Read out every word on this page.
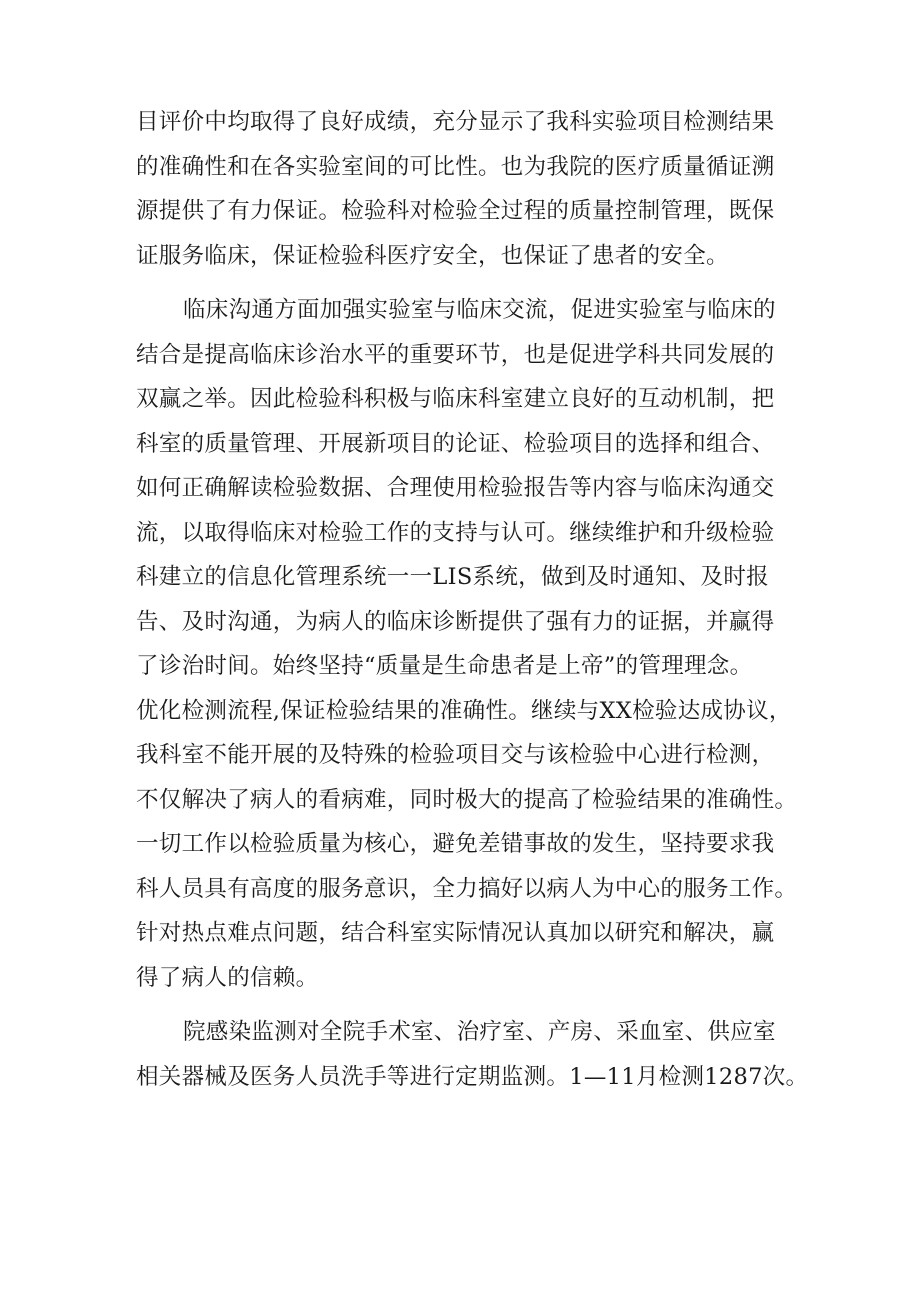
目评价中均取得了良好成绩，充分显示了我科实验项目检测结果
的准确性和在各实验室间的可比性。也为我院的医疗质量循证溯
源提供了有力保证。检验科对检验全过程的质量控制管理，既保
证服务临床，保证检验科医疗安全，也保证了患者的安全。
临床沟通方面加强实验室与临床交流，促进实验室与临床的
结合是提高临床诊治水平的重要环节，也是促进学科共同发展的
双赢之举。因此检验科积极与临床科室建立良好的互动机制，把
科室的质量管理、开展新项目的论证、检验项目的选择和组合、
如何正确解读检验数据、合理使用检验报告等内容与临床沟通交
流，以取得临床对检验工作的支持与认可。继续维护和升级检验
科建立的信息化管理系统一一LIS系统，做到及时通知、及时报
告、及时沟通，为病人的临床诊断提供了强有力的证据，并赢得
了诊治时间。始终坚持“质量是生命患者是上帝”的管理理念。
优化检测流程,保证检验结果的准确性。继续与XX检验达成协议，
我科室不能开展的及特殊的检验项目交与该检验中心进行检测，
不仅解决了病人的看病难，同时极大的提高了检验结果的准确性。
一切工作以检验质量为核心，避免差错事故的发生，坚持要求我
科人员具有高度的服务意识，全力搞好以病人为中心的服务工作。
针对热点难点问题，结合科室实际情况认真加以研究和解决，赢
得了病人的信赖。
院感染监测对全院手术室、治疗室、产房、采血室、供应室
相关器械及医务人员洗手等进行定期监测。1—11月检测1287次。
